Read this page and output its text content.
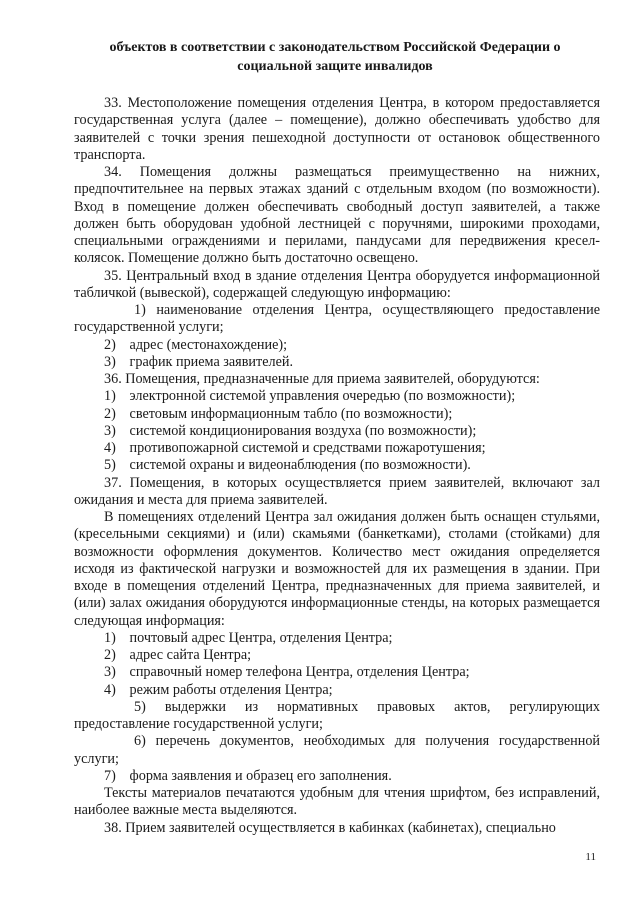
объектов в соответствии с законодательством Российской Федерации о
социальной защите инвалидов

33. Местоположение помещения отделения Центра, в котором предоставляется государственная услуга (далее – помещение), должно обеспечивать удобство для заявителей с точки зрения пешеходной доступности от остановок общественного транспорта.

34. Помещения должны размещаться преимущественно на нижних, предпочтительнее на первых этажах зданий с отдельным входом (по возможности). Вход в помещение должен обеспечивать свободный доступ заявителей, а также должен быть оборудован удобной лестницей с поручнями, широкими проходами, специальными ограждениями и перилами, пандусами для передвижения кресел-колясок. Помещение должно быть достаточно освещено.

35. Центральный вход в здание отделения Центра оборудуется информационной табличкой (вывеской), содержащей следующую информацию:

1) наименование отделения Центра, осуществляющего предоставление государственной услуги;

2) адрес (местонахождение);

3) график приема заявителей.

36. Помещения, предназначенные для приема заявителей, оборудуются:

1) электронной системой управления очередью (по возможности);

2) световым информационным табло (по возможности);

3) системой кондиционирования воздуха (по возможности);

4) противопожарной системой и средствами пожаротушения;

5) системой охраны и видеонаблюдения (по возможности).

37. Помещения, в которых осуществляется прием заявителей, включают зал ожидания и места для приема заявителей.

В помещениях отделений Центра зал ожидания должен быть оснащен стульями, (кресельными секциями) и (или) скамьями (банкетками), столами (стойками) для возможности оформления документов. Количество мест ожидания определяется исходя из фактической нагрузки и возможностей для их размещения в здании. При входе в помещения отделений Центра, предназначенных для приема заявителей, и (или) залах ожидания оборудуются информационные стенды, на которых размещается следующая информация:

1) почтовый адрес Центра, отделения Центра;

2) адрес сайта Центра;

3) справочный номер телефона Центра, отделения Центра;

4) режим работы отделения Центра;

5) выдержки из нормативных правовых актов, регулирующих предоставление государственной услуги;

6) перечень документов, необходимых для получения государственной услуги;

7) форма заявления и образец его заполнения.

Тексты материалов печатаются удобным для чтения шрифтом, без исправлений, наиболее важные места выделяются.

38. Прием заявителей осуществляется в кабинках (кабинетах), специально

11
